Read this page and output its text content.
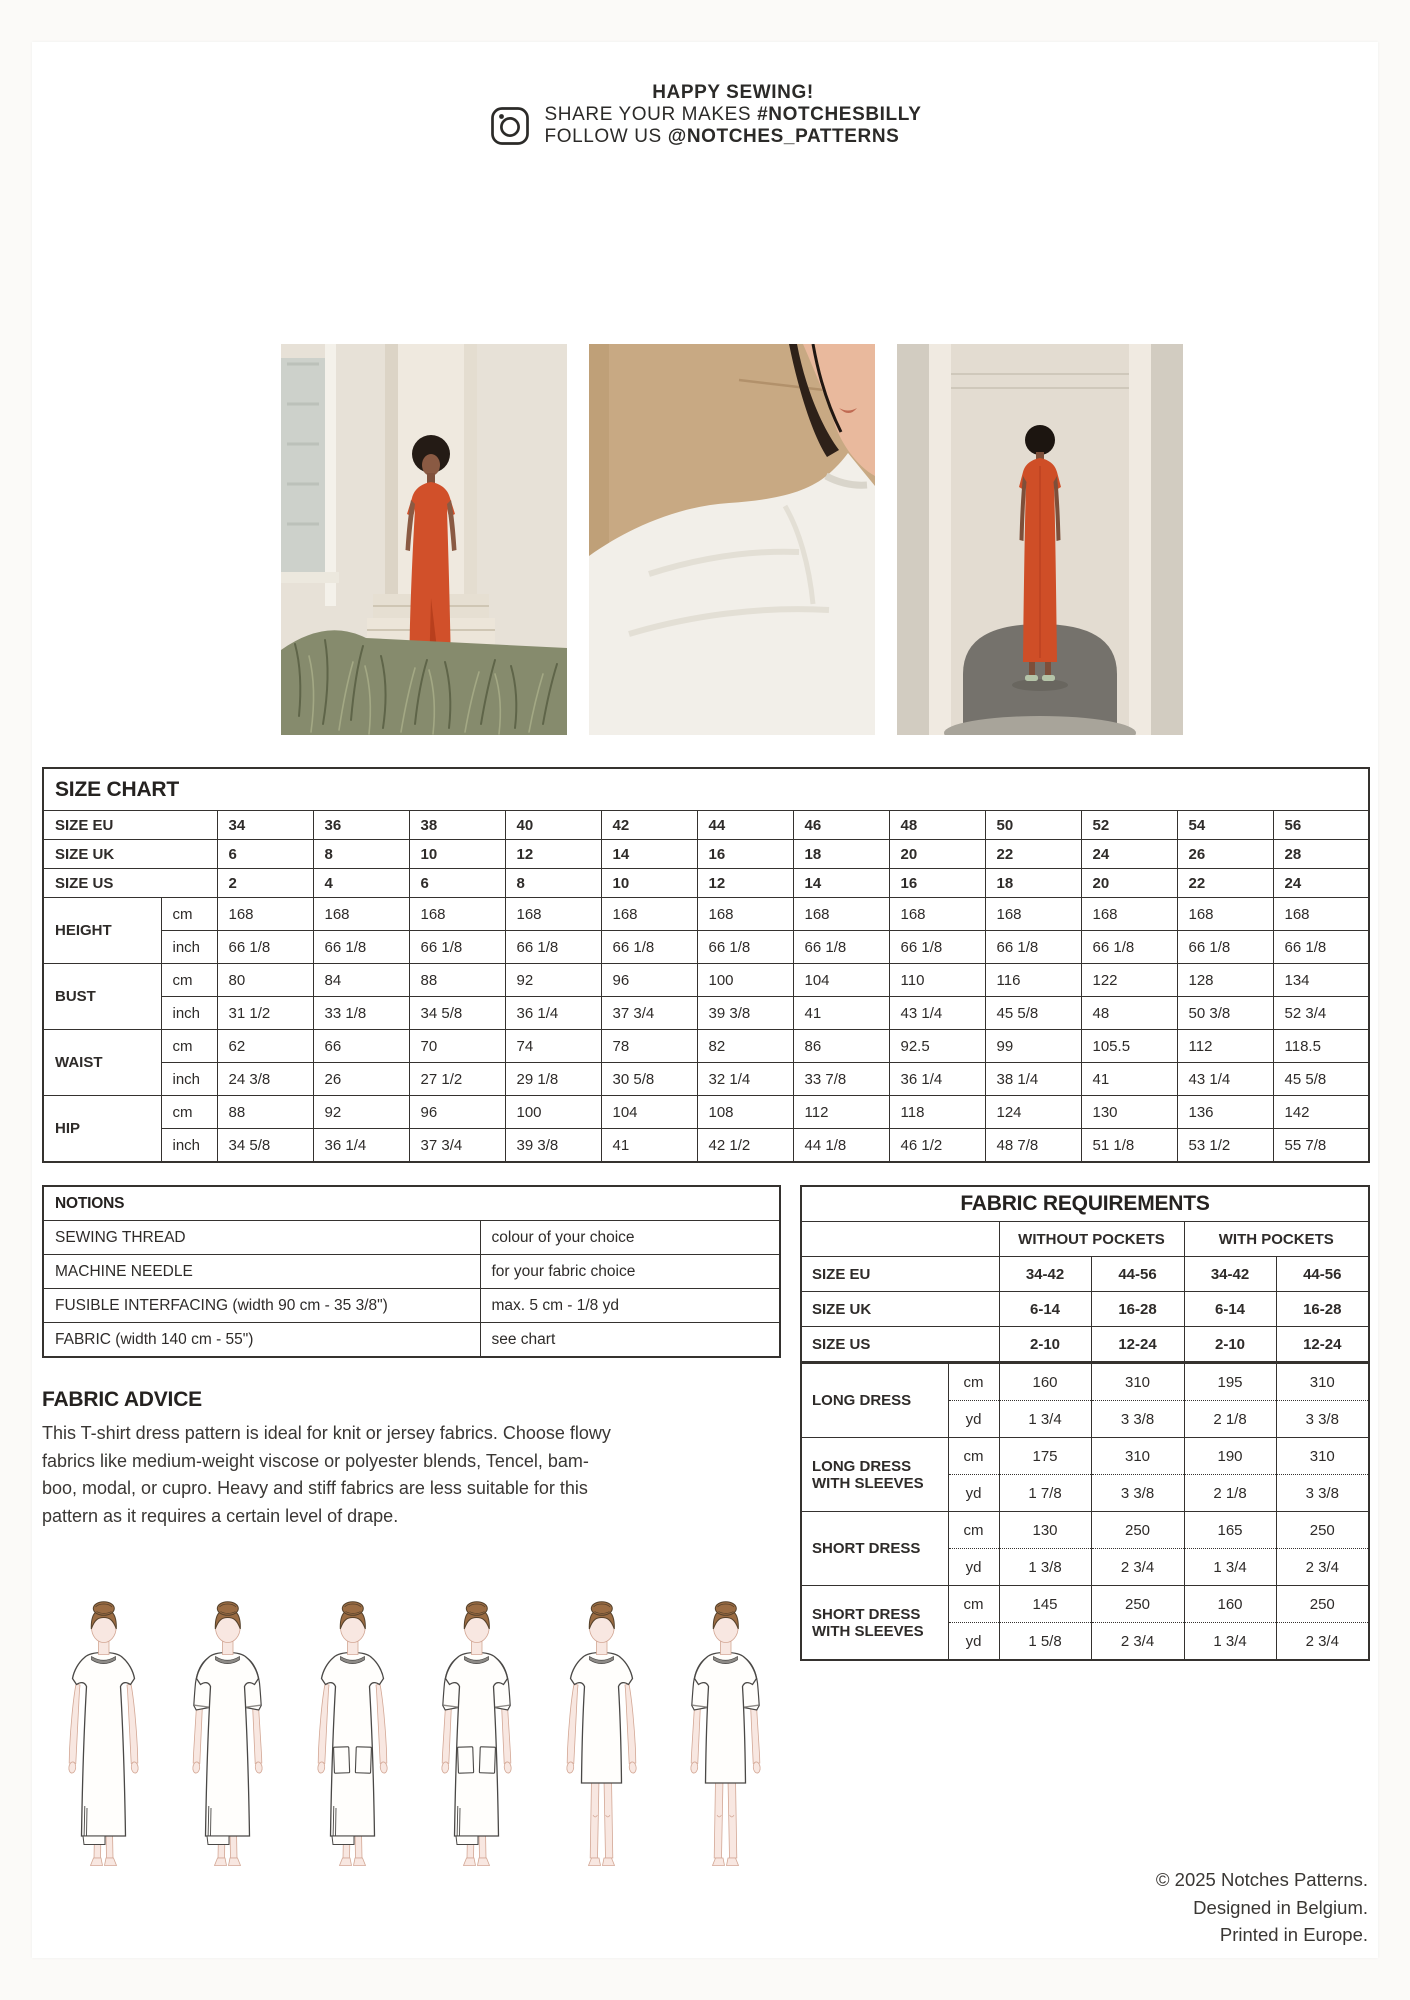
HAPPY SEWING!
SHARE YOUR MAKES #NOTCHESBILLY
FOLLOW US @NOTCHES_PATTERNS
SIZE CHART													
SIZE EU		34	36	38	40	42	44	46	48	50	52	54	56
SIZE UK		6	8	10	12	14	16	18	20	22	24	26	28
SIZE US		2	4	6	8	10	12	14	16	18	20	22	24
HEIGHT	cm	168	168	168	168	168	168	168	168	168	168	168	168
	inch	66 1/8	66 1/8	66 1/8	66 1/8	66 1/8	66 1/8	66 1/8	66 1/8	66 1/8	66 1/8	66 1/8	66 1/8
BUST	cm	80	84	88	92	96	100	104	110	116	122	128	134
	inch	31 1/2	33 1/8	34 5/8	36 1/4	37 3/4	39 3/8	41	43 1/4	45 5/8	48	50 3/8	52 3/4
WAIST	cm	62	66	70	74	78	82	86	92.5	99	105.5	112	118.5
	inch	24 3/8	26	27 1/2	29 1/8	30 5/8	32 1/4	33 7/8	36 1/4	38 1/4	41	43 1/4	45 5/8
HIP	cm	88	92	96	100	104	108	112	118	124	130	136	142
	inch	34 5/8	36 1/4	37 3/4	39 3/8	41	42 1/2	44 1/8	46 1/2	48 7/8	51 1/8	53 1/2	55 7/8
NOTIONS	
SEWING THREAD	colour of your choice
MACHINE NEEDLE	for your fabric choice
FUSIBLE INTERFACING (width 90 cm - 35 3/8")	max. 5 cm - 1/8 yd
FABRIC (width 140 cm - 55")	see chart
FABRIC REQUIREMENTS					
		WITHOUT POCKETS		WITH POCKETS	
SIZE EU		34-42	44-56	34-42	44-56
SIZE UK		6-14	16-28	6-14	16-28
SIZE US		2-10	12-24	2-10	12-24
LONG DRESS	cm	160	310	195	310
	yd	1 3/4	3 3/8	2 1/8	3 3/8
LONG DRESS WITH SLEEVES	cm	175	310	190	310
	yd	1 7/8	3 3/8	2 1/8	3 3/8
SHORT DRESS	cm	130	250	165	250
	yd	1 3/8	2 3/4	1 3/4	2 3/4
SHORT DRESS WITH SLEEVES	cm	145	250	160	250
	yd	1 5/8	2 3/4	1 3/4	2 3/4
FABRIC ADVICE
This T-shirt dress pattern is ideal for knit or jersey fabrics. Choose flowy
fabrics like medium-weight viscose or polyester blends, Tencel, bam-
boo, modal, or cupro. Heavy and stiff fabrics are less suitable for this
pattern as it requires a certain level of drape.
© 2025 Notches Patterns.
Designed in Belgium.
Printed in Europe.
